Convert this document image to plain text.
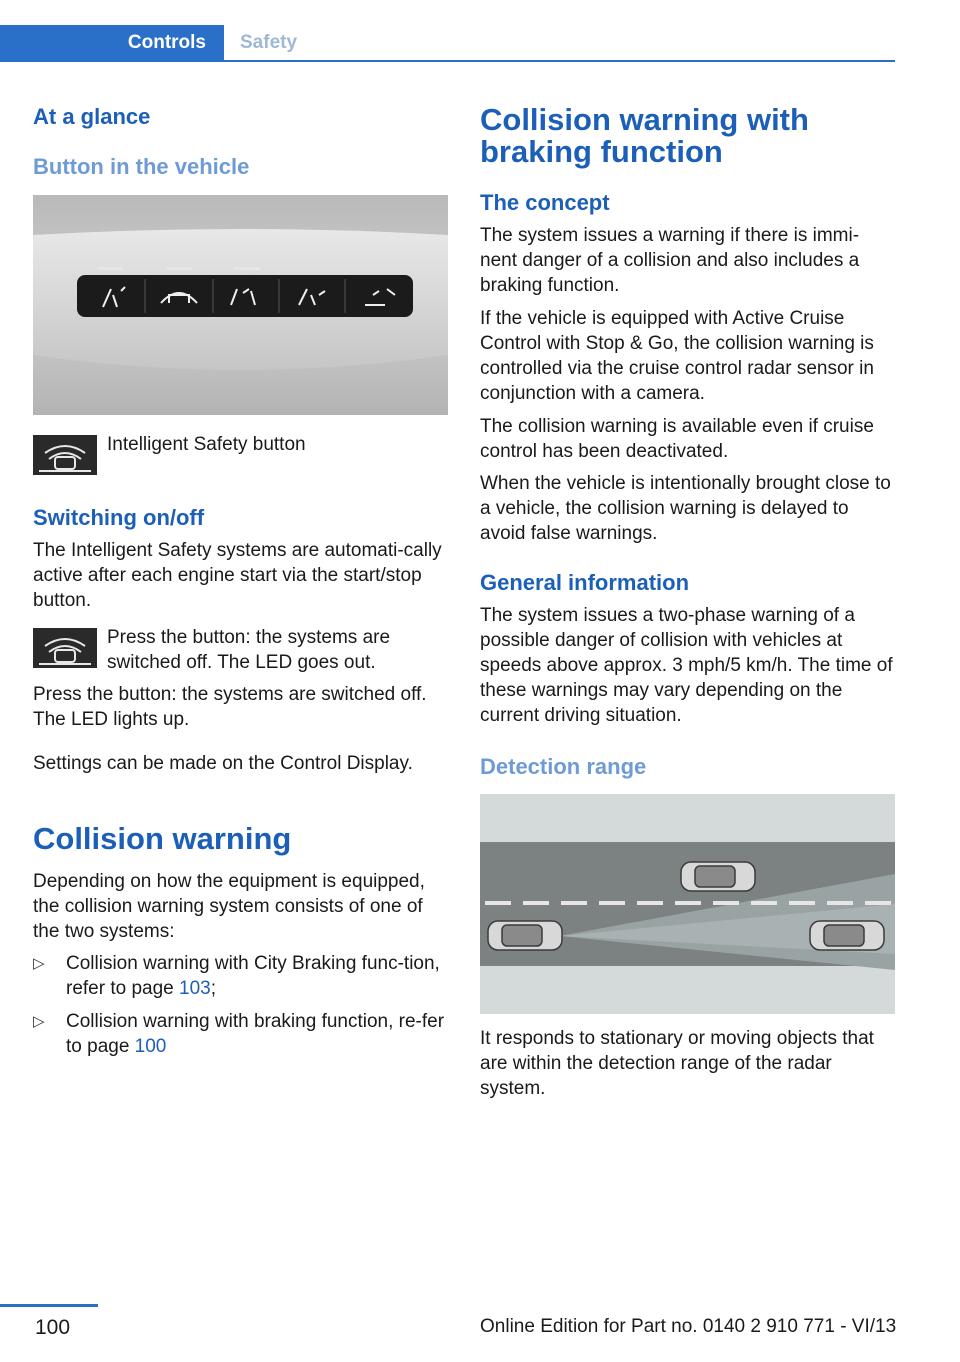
Controls	Safety
At a glance
Button in the vehicle

Intelligent Safety button

Switching on/off

The Intelligent Safety systems are automati‐cally active after each engine start via the start/stop button.

Press the button: the systems are switched off. The LED goes out.

Press the button: the systems are switched off. The LED lights up.

Settings can be made on the Control Display.

Collision warning

Depending on how the equipment is equipped, the collision warning system consists of one of the two systems:

▷ Collision warning with City Braking func‐tion, refer to page 103;

▷ Collision warning with braking function, re‐fer to page 100

Collision warning with braking function
The concept

The system issues a warning if there is immi‐nent danger of a collision and also includes a braking function.

If the vehicle is equipped with Active Cruise Control with Stop & Go, the collision warning is controlled via the cruise control radar sensor in conjunction with a camera.

The collision warning is available even if cruise control has been deactivated.

When the vehicle is intentionally brought close to a vehicle, the collision warning is delayed to avoid false warnings.

General information

The system issues a two-phase warning of a possible danger of collision with vehicles at speeds above approx. 3 mph/5 km/h. The time of these warnings may vary depending on the current driving situation.

Detection range

It responds to stationary or moving objects that are within the detection range of the radar system.

100	Online Edition for Part no. 0140 2 910 771 - VI/13
